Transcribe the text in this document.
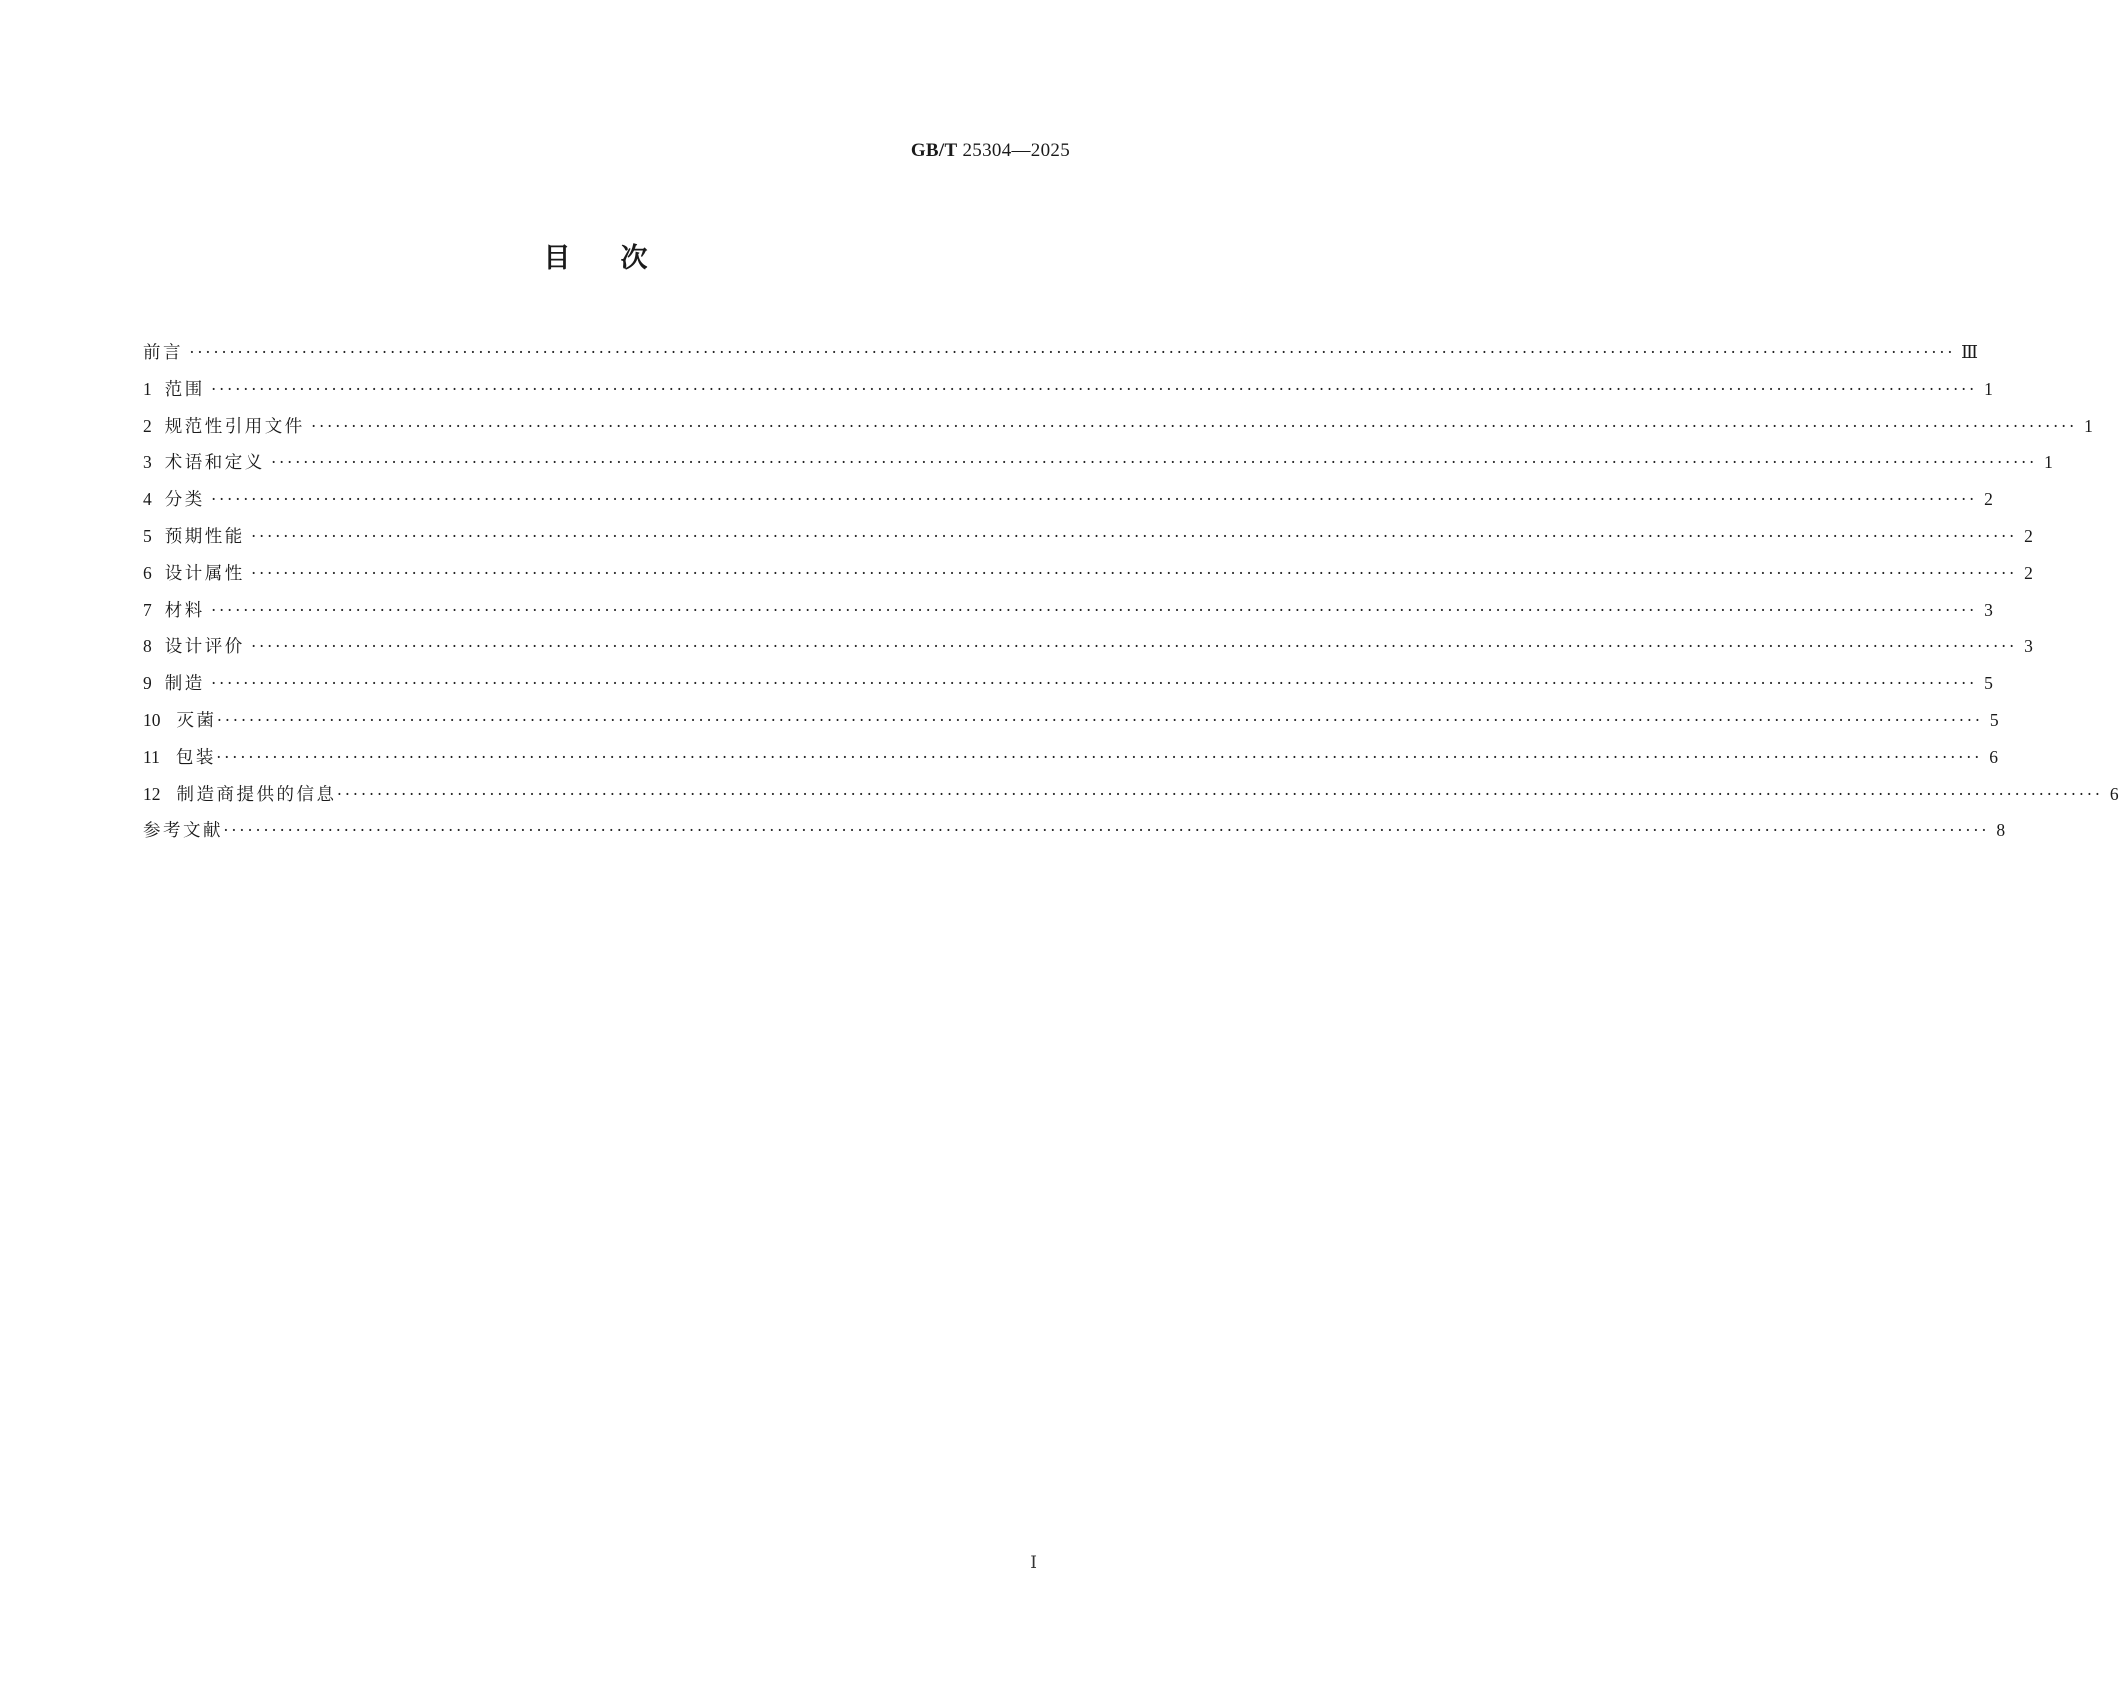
GB/T 25304—2025
目次
前言 ···························································································································································································································· Ⅲ
1 范围 ···························································································································································································································· 1
2 规范性引用文件 ···························································································································································································································· 1
3 术语和定义 ···························································································································································································································· 1
4 分类 ···························································································································································································································· 2
5 预期性能 ···························································································································································································································· 2
6 设计属性 ···························································································································································································································· 2
7 材料 ···························································································································································································································· 3
8 设计评价 ···························································································································································································································· 3
9 制造 ···························································································································································································································· 5
10 灭菌 ···························································································································································································································· 5
11 包装 ···························································································································································································································· 6
12 制造商提供的信息 ···························································································································································································································· 6
参考文献 ···························································································································································································································· 8
Ⅰ
